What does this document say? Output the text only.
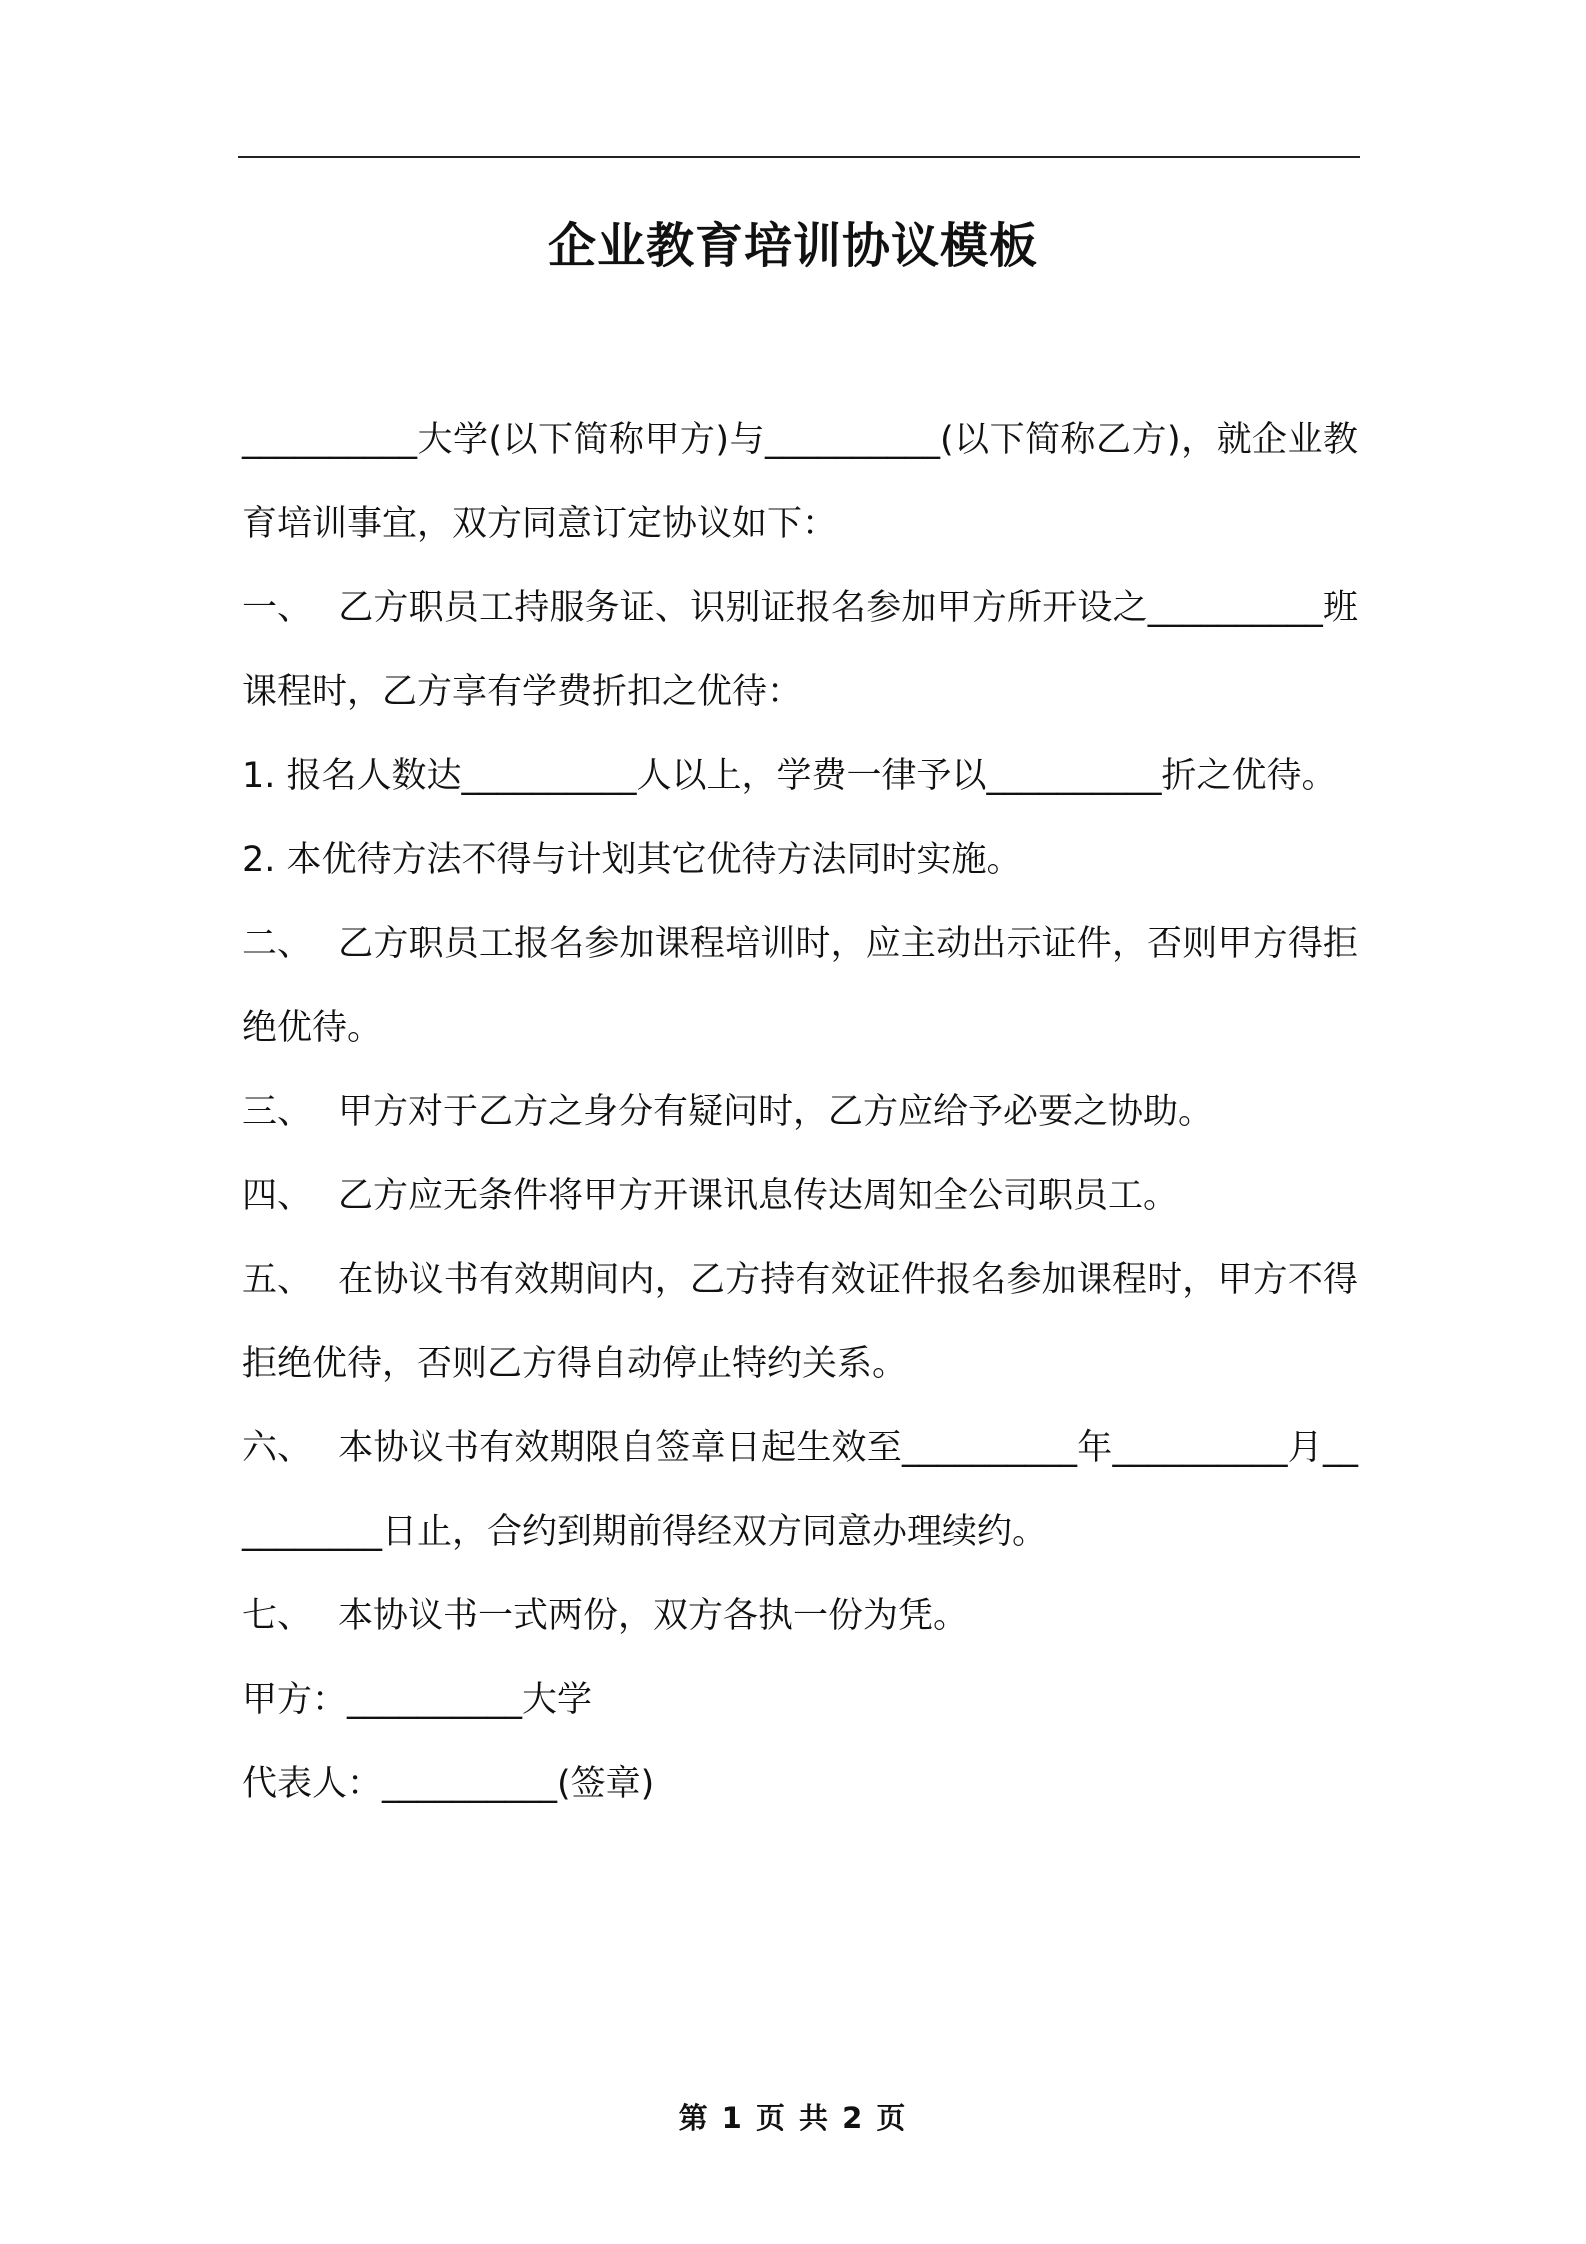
企业教育培训协议模板

__________大学(以下简称甲方)与__________(以下简称乙方)，就企业教育培训事宜，双方同意订定协议如下：

一、 乙方职员工持服务证、识别证报名参加甲方所开设之__________班课程时，乙方享有学费折扣之优待：

1. 报名人数达__________人以上，学费一律予以__________折之优待。

2. 本优待方法不得与计划其它优待方法同时实施。

二、 乙方职员工报名参加课程培训时，应主动出示证件，否则甲方得拒绝优待。

三、 甲方对于乙方之身分有疑问时，乙方应给予必要之协助。

四、 乙方应无条件将甲方开课讯息传达周知全公司职员工。

五、 在协议书有效期间内，乙方持有效证件报名参加课程时，甲方不得拒绝优待，否则乙方得自动停止特约关系。

六、 本协议书有效期限自签章日起生效至__________年__________月__________日止，合约到期前得经双方同意办理续约。

七、 本协议书一式两份，双方各执一份为凭。

甲方：__________大学

代表人：__________(签章)

第 1 页 共 2 页
